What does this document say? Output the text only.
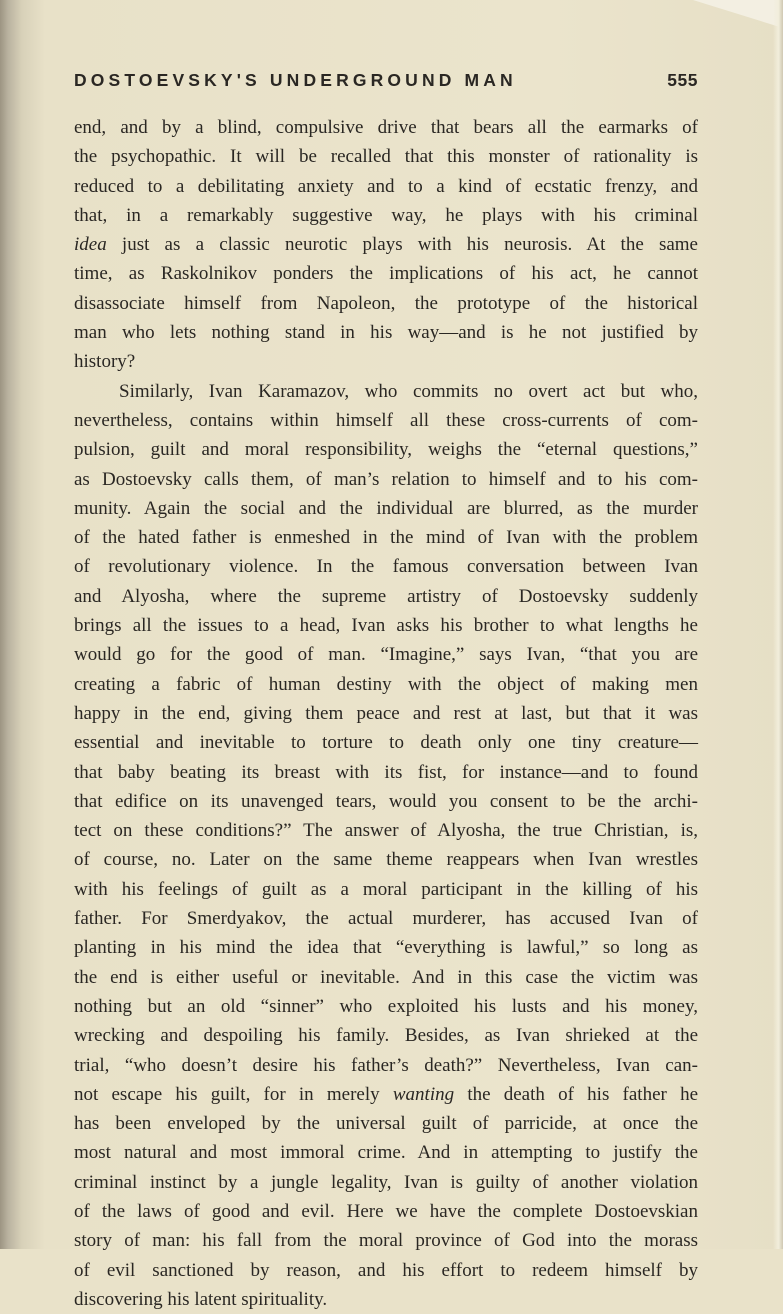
DOSTOEVSKY'S UNDERGROUND MAN	555
end, and by a blind, compulsive drive that bears all the earmarks of
the psychopathic. It will be recalled that this monster of rationality is
reduced to a debilitating anxiety and to a kind of ecstatic frenzy, and
that, in a remarkably suggestive way, he plays with his criminal
idea just as a classic neurotic plays with his neurosis. At the same
time, as Raskolnikov ponders the implications of his act, he cannot
disassociate himself from Napoleon, the prototype of the historical
man who lets nothing stand in his way—and is he not justified by
history?
Similarly, Ivan Karamazov, who commits no overt act but who,
nevertheless, contains within himself all these cross-currents of com-
pulsion, guilt and moral responsibility, weighs the “eternal questions,”
as Dostoevsky calls them, of man’s relation to himself and to his com-
munity. Again the social and the individual are blurred, as the murder
of the hated father is enmeshed in the mind of Ivan with the problem
of revolutionary violence. In the famous conversation between Ivan
and Alyosha, where the supreme artistry of Dostoevsky suddenly
brings all the issues to a head, Ivan asks his brother to what lengths he
would go for the good of man. “Imagine,” says Ivan, “that you are
creating a fabric of human destiny with the object of making men
happy in the end, giving them peace and rest at last, but that it was
essential and inevitable to torture to death only one tiny creature—
that baby beating its breast with its fist, for instance—and to found
that edifice on its unavenged tears, would you consent to be the archi-
tect on these conditions?” The answer of Alyosha, the true Christian, is,
of course, no. Later on the same theme reappears when Ivan wrestles
with his feelings of guilt as a moral participant in the killing of his
father. For Smerdyakov, the actual murderer, has accused Ivan of
planting in his mind the idea that “everything is lawful,” so long as
the end is either useful or inevitable. And in this case the victim was
nothing but an old “sinner” who exploited his lusts and his money,
wrecking and despoiling his family. Besides, as Ivan shrieked at the
trial, “who doesn’t desire his father’s death?” Nevertheless, Ivan can-
not escape his guilt, for in merely wanting the death of his father he
has been enveloped by the universal guilt of parricide, at once the
most natural and most immoral crime. And in attempting to justify the
criminal instinct by a jungle legality, Ivan is guilty of another violation
of the laws of good and evil. Here we have the complete Dostoevskian
story of man: his fall from the moral province of God into the morass
of evil sanctioned by reason, and his effort to redeem himself by
discovering his latent spirituality.
